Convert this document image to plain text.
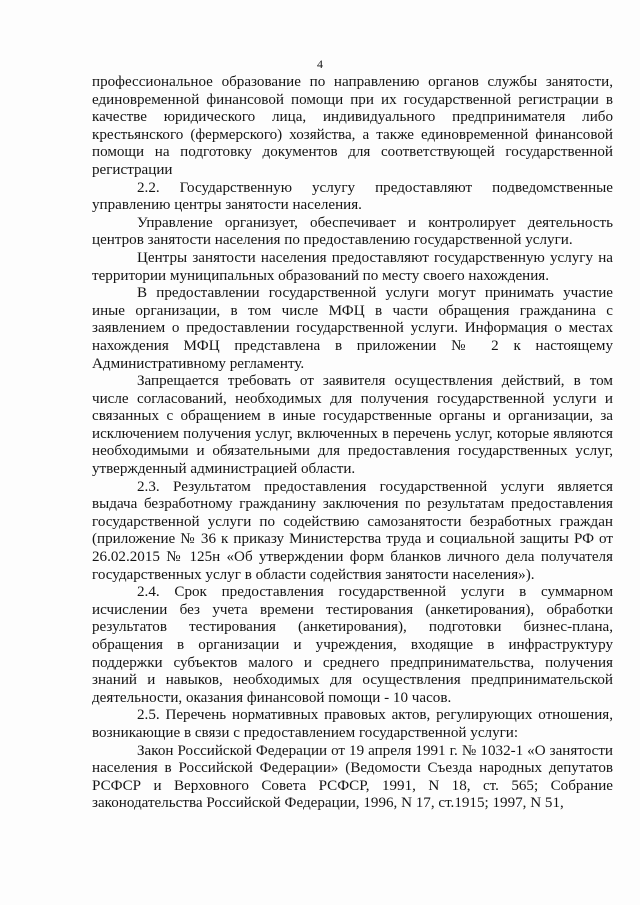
4

профессиональное образование по направлению органов службы занятости, единовременной финансовой помощи при их государственной регистрации в качестве юридического лица, индивидуального предпринимателя либо крестьянского (фермерского) хозяйства, а также единовременной финансовой помощи на подготовку документов для соответствующей государственной регистрации

2.2. Государственную услугу предоставляют подведомственные управлению центры занятости населения.

Управление организует, обеспечивает и контролирует деятельность центров занятости населения по предоставлению государственной услуги.

Центры занятости населения предоставляют государственную услугу на территории муниципальных образований по месту своего нахождения.

В предоставлении государственной услуги могут принимать участие иные организации, в том числе МФЦ в части обращения гражданина с заявлением о предоставлении государственной услуги. Информация о местах нахождения МФЦ представлена в приложении № 2 к настоящему Административному регламенту.

Запрещается требовать от заявителя осуществления действий, в том числе согласований, необходимых для получения государственной услуги и связанных с обращением в иные государственные органы и организации, за исключением получения услуг, включенных в перечень услуг, которые являются необходимыми и обязательными для предоставления государственных услуг, утвержденный администрацией области.

2.3. Результатом предоставления государственной услуги является выдача безработному гражданину заключения по результатам предоставления государственной услуги по содействию самозанятости безработных граждан (приложение № 36 к приказу Министерства труда и социальной защиты РФ от 26.02.2015 № 125н «Об утверждении форм бланков личного дела получателя государственных услуг в области содействия занятости населения»).

2.4. Срок предоставления государственной услуги в суммарном исчислении без учета времени тестирования (анкетирования), обработки результатов тестирования (анкетирования), подготовки бизнес-плана, обращения в организации и учреждения, входящие в инфраструктуру поддержки субъектов малого и среднего предпринимательства, получения знаний и навыков, необходимых для осуществления предпринимательской деятельности, оказания финансовой помощи - 10 часов.

2.5. Перечень нормативных правовых актов, регулирующих отношения, возникающие в связи с предоставлением государственной услуги:

Закон Российской Федерации от 19 апреля 1991 г. № 1032-1 «О занятости населения в Российской Федерации» (Ведомости Съезда народных депутатов РСФСР и Верховного Совета РСФСР, 1991, N 18, ст. 565; Собрание законодательства Российской Федерации, 1996, N 17, ст.1915; 1997, N 51,
